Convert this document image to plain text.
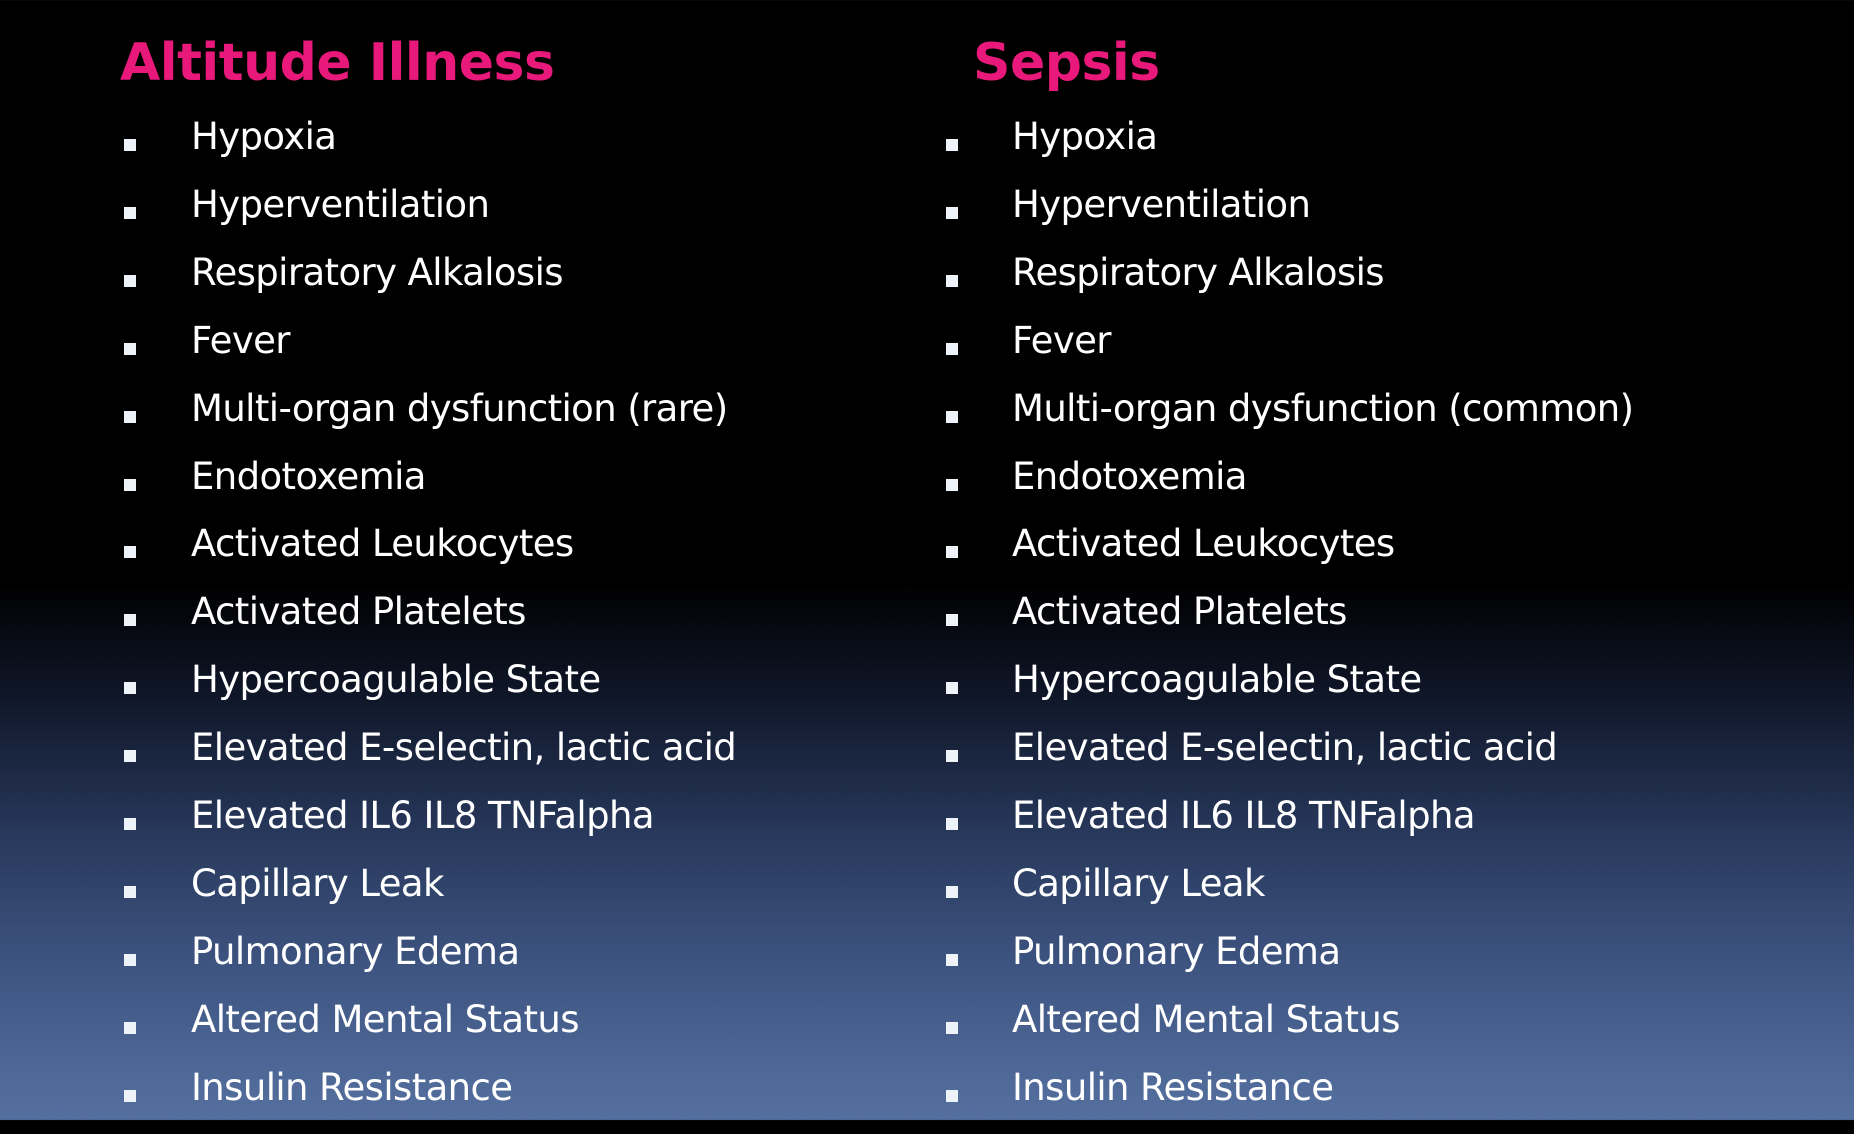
Altitude Illness
Hypoxia
Hyperventilation
Respiratory Alkalosis
Fever
Multi-organ dysfunction (rare)
Endotoxemia
Activated Leukocytes
Activated Platelets
Hypercoagulable State
Elevated E-selectin, lactic acid
Elevated IL6 IL8 TNFalpha
Capillary Leak
Pulmonary Edema
Altered Mental Status
Insulin Resistance
Sepsis
Hypoxia
Hyperventilation
Respiratory Alkalosis
Fever
Multi-organ dysfunction (common)
Endotoxemia
Activated Leukocytes
Activated Platelets
Hypercoagulable State
Elevated E-selectin, lactic acid
Elevated IL6 IL8 TNFalpha
Capillary Leak
Pulmonary Edema
Altered Mental Status
Insulin Resistance
